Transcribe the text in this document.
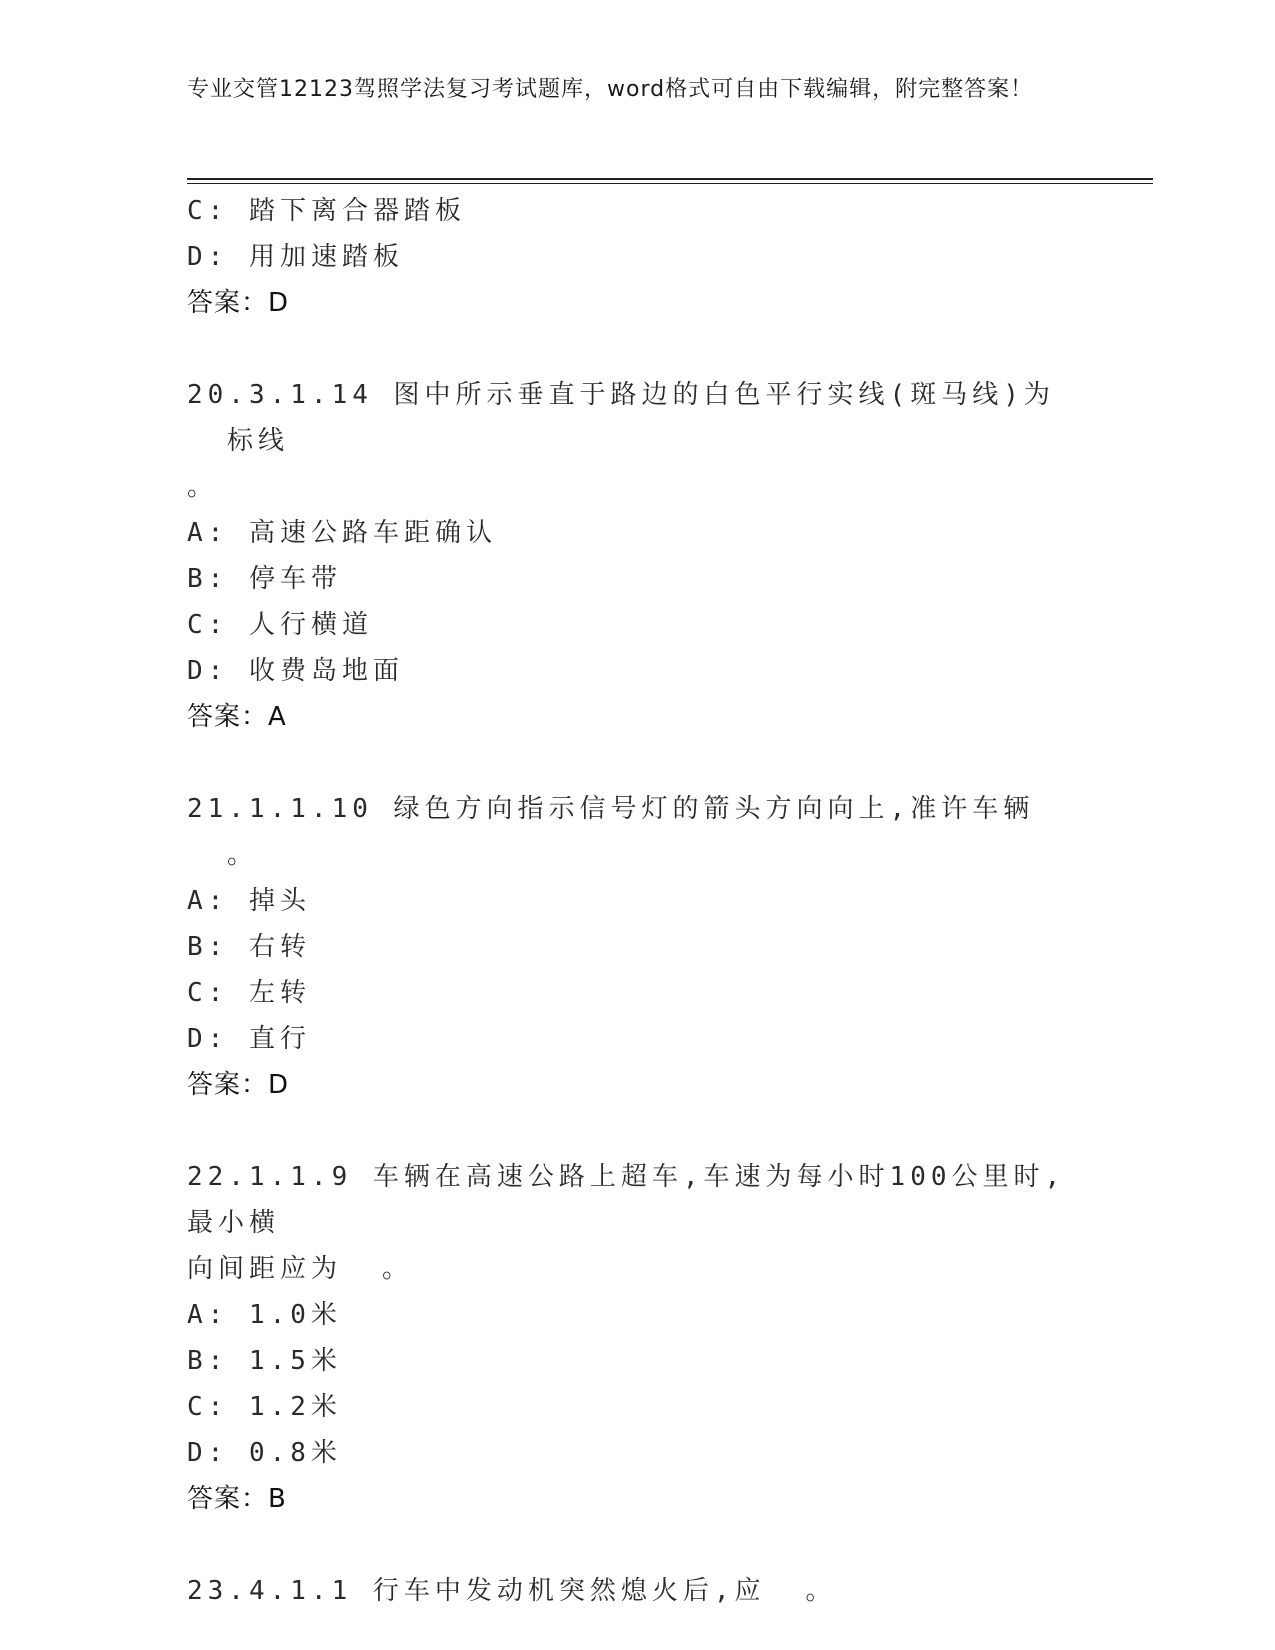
专业交管12123驾照学法复习考试题库，word格式可自由下载编辑，附完整答案！
C: 踏下离合器踏板
D: 用加速踏板
答案：D
20.3.1.14 图中所示垂直于路边的白色平行实线(斑马线)为标线
。
A: 高速公路车距确认
B: 停车带
C: 人行横道
D: 收费岛地面
答案：A
21.1.1.10 绿色方向指示信号灯的箭头方向向上,准许车辆。
A: 掉头
B: 右转
C: 左转
D: 直行
答案：D
22.1.1.9 车辆在高速公路上超车,车速为每小时100公里时,最小横
向间距应为 。
A: 1.0米
B: 1.5米
C: 1.2米
D: 0.8米
答案：B
23.4.1.1 行车中发动机突然熄火后,应 。
